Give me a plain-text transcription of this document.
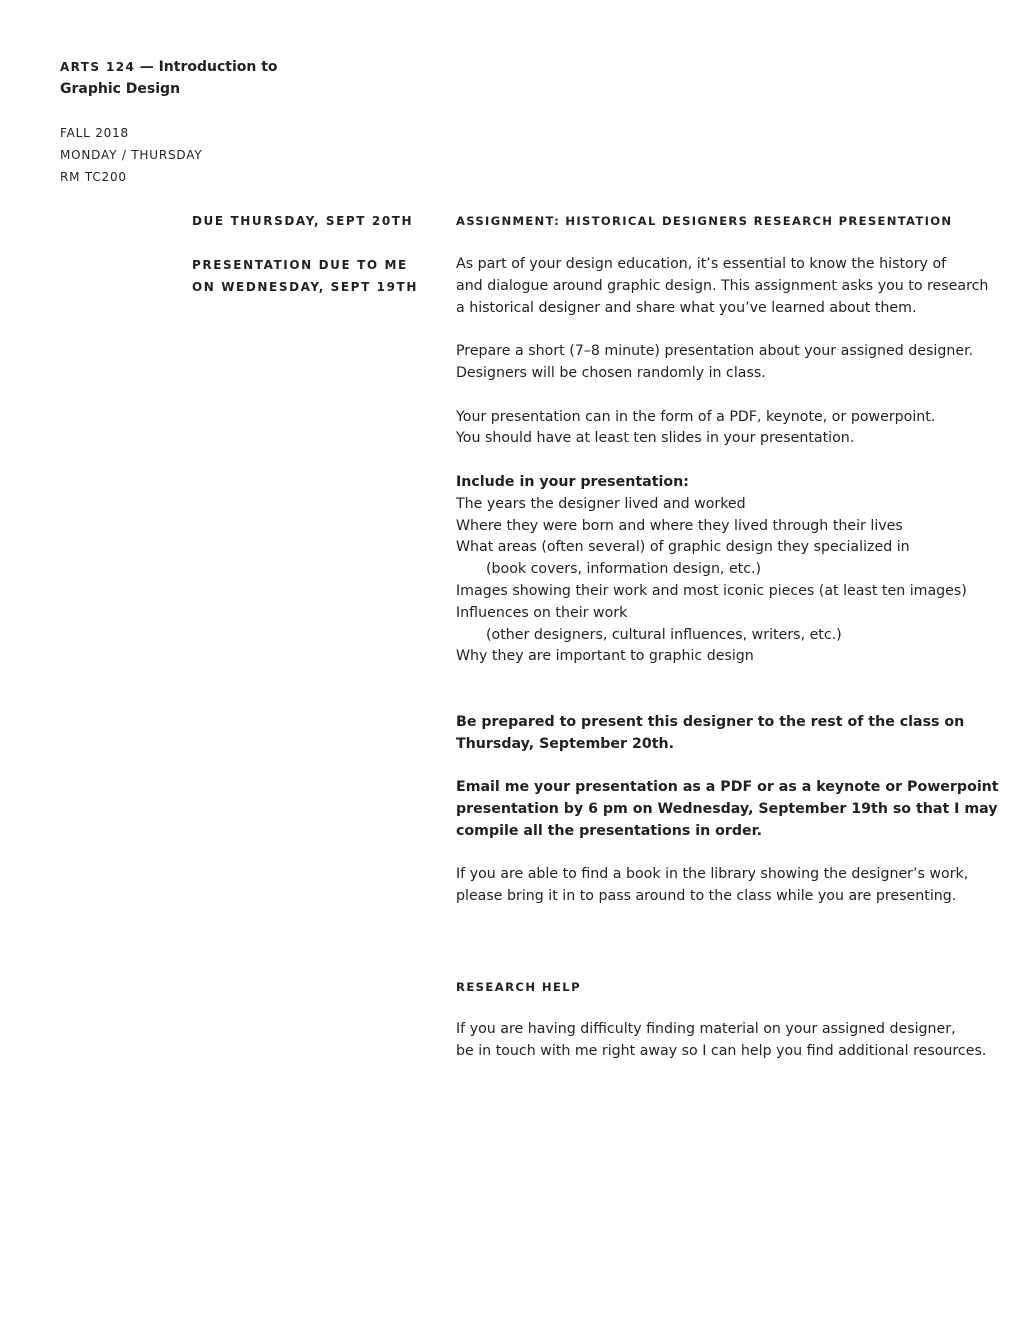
ARTS 124 — Introduction to
Graphic Design
FALL 2018
MONDAY / THURSDAY
RM TC200
DUE THURSDAY, SEPT 20TH
PRESENTATION DUE TO ME
ON WEDNESDAY, SEPT 19TH
ASSIGNMENT: HISTORICAL DESIGNERS RESEARCH PRESENTATION
As part of your design education, it’s essential to know the history of
and dialogue around graphic design. This assignment asks you to research
a historical designer and share what you’ve learned about them.
Prepare a short (7–8 minute) presentation about your assigned designer.
Designers will be chosen randomly in class.
Your presentation can in the form of a PDF, keynote, or powerpoint.
You should have at least ten slides in your presentation.
Include in your presentation:
The years the designer lived and worked
Where they were born and where they lived through their lives
What areas (often several) of graphic design they specialized in
(book covers, information design, etc.)
Images showing their work and most iconic pieces (at least ten images)
Influences on their work
(other designers, cultural influences, writers, etc.)
Why they are important to graphic design
Be prepared to present this designer to the rest of the class on
Thursday, September 20th.
Email me your presentation as a PDF or as a keynote or Powerpoint
presentation by 6 pm on Wednesday, September 19th so that I may
compile all the presentations in order.
If you are able to find a book in the library showing the designer’s work,
please bring it in to pass around to the class while you are presenting.
RESEARCH HELP
If you are having difficulty finding material on your assigned designer,
be in touch with me right away so I can help you find additional resources.
